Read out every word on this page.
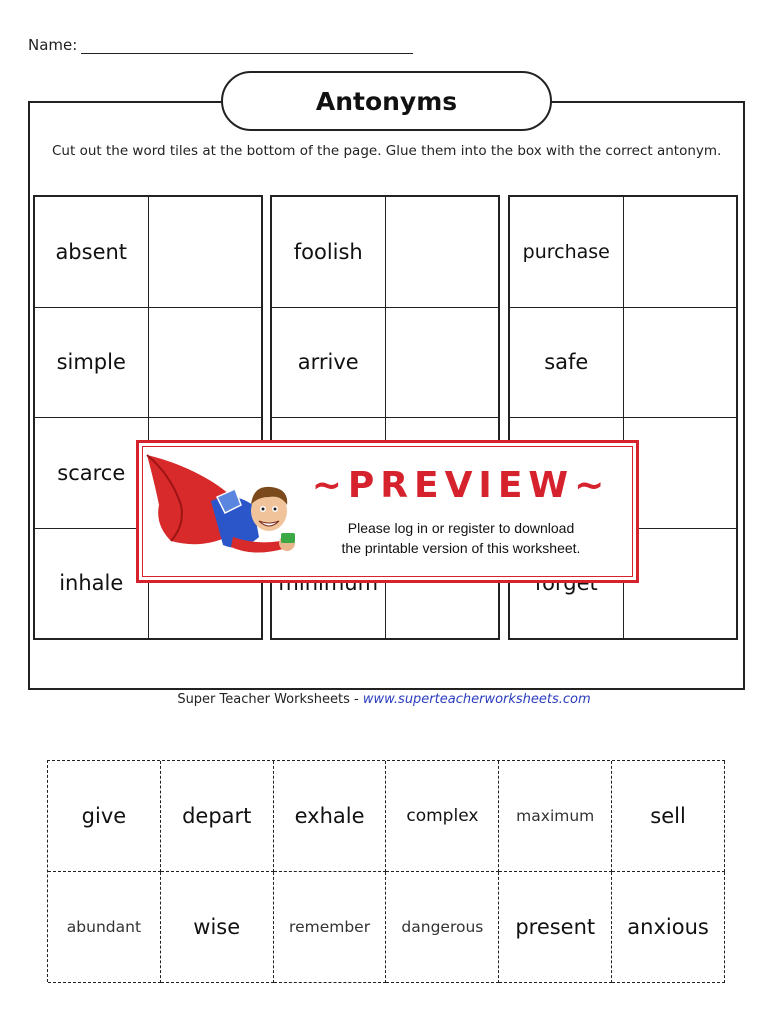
Name:
Antonyms
Cut out the word tiles at the bottom of the page. Glue them into the box with the correct antonym.
absent
simple
scarce
inhale
foolish
arrive
purchase
safe
Super Teacher Worksheets - www.superteacherworksheets.com
give	depart	exhale	complex	maximum	sell
abundant	wise	remember	dangerous	present	anxious
~PREVIEW~
Please log in or register to download
the printable version of this worksheet.
